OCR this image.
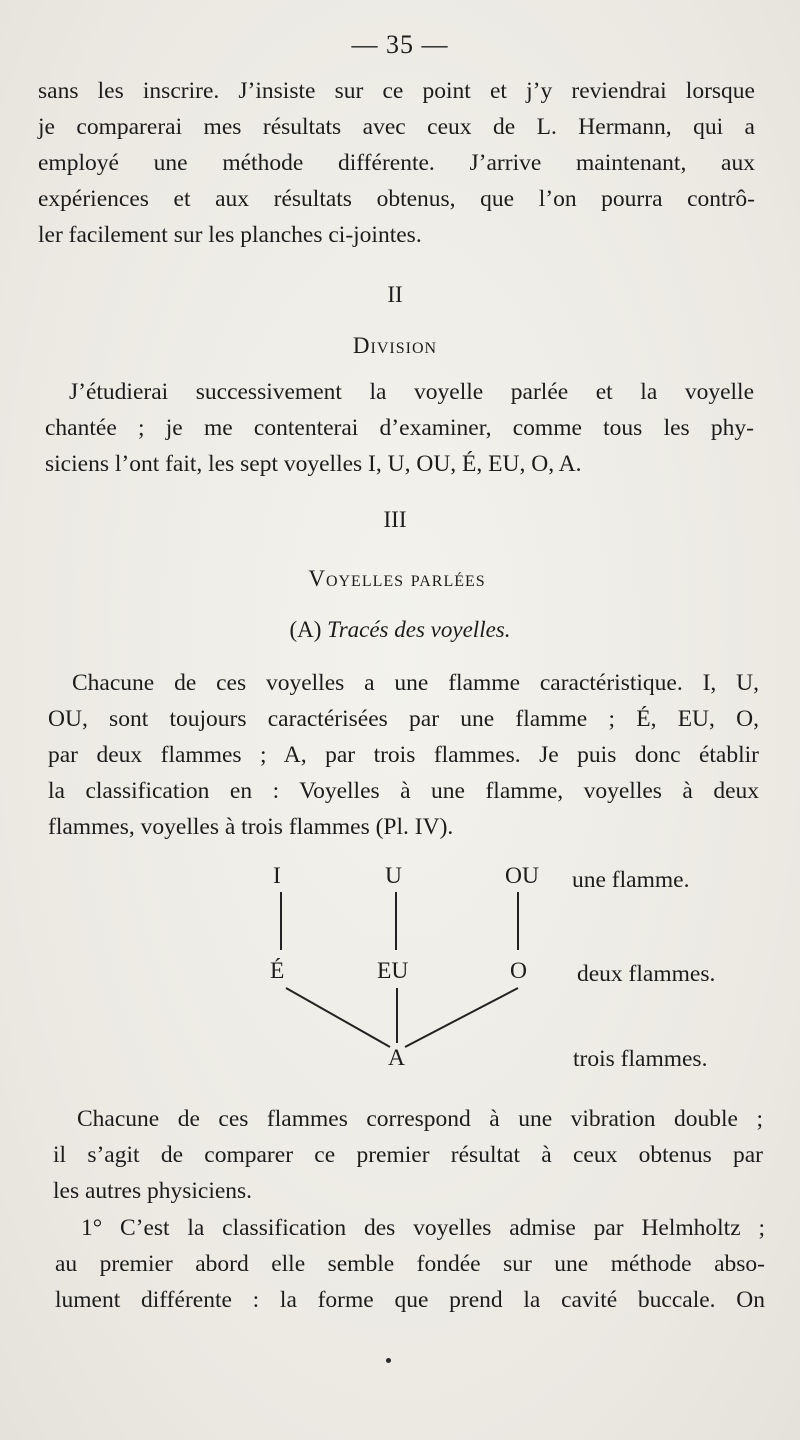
— 35 —
sans les inscrire. J’insiste sur ce point et j’y reviendrai lorsque
je comparerai mes résultats avec ceux de L. Hermann, qui a
employé une méthode différente. J’arrive maintenant, aux
expériences et aux résultats obtenus, que l’on pourra contrô-
ler facilement sur les planches ci-jointes.
II
Division
J’étudierai successivement la voyelle parlée et la voyelle
chantée ; je me contenterai d’examiner, comme tous les phy-
siciens l’ont fait, les sept voyelles I, U, OU, É, EU, O, A.
III
Voyelles parlées
(A) Tracés des voyelles.
Chacune de ces voyelles a une flamme caractéristique. I, U,
OU, sont toujours caractérisées par une flamme ; É, EU, O,
par deux flammes ; A, par trois flammes. Je puis donc établir
la classification en : Voyelles à une flamme, voyelles à deux
flammes, voyelles à trois flammes (Pl. IV).
I	U	OU une flamme.
É	EU	O deux flammes.
A	trois flammes.
Chacune de ces flammes correspond à une vibration double ;
il s’agit de comparer ce premier résultat à ceux obtenus par
les autres physiciens.
1° C’est la classification des voyelles admise par Helmholtz ;
au premier abord elle semble fondée sur une méthode abso-
lument différente : la forme que prend la cavité buccale. On
